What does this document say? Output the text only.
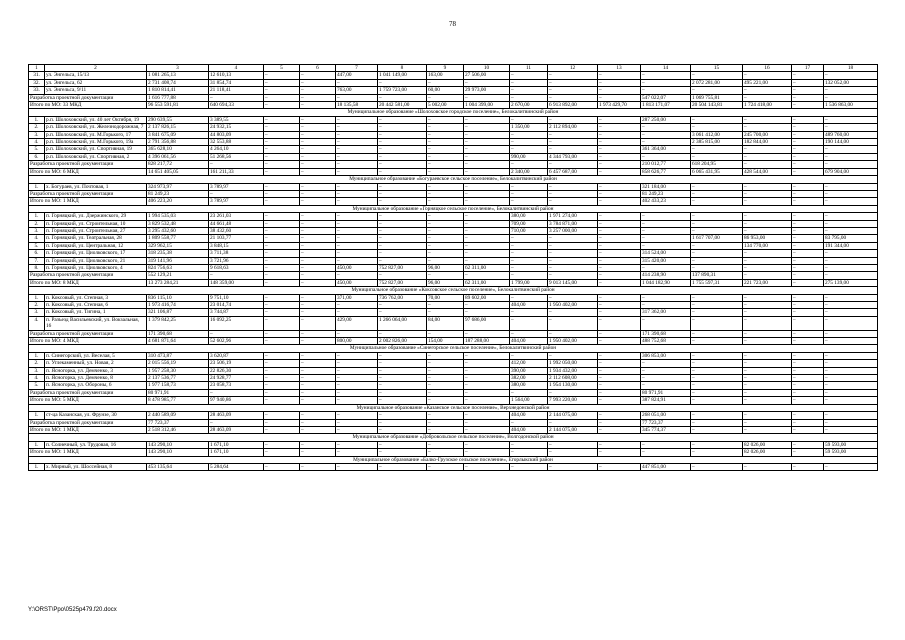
78
1	2	3	4	5	6	7	8	9	10	11	12	13	14	15	16	17	18
31.	ул. Энгельса, 15/13	1 081 265,13	12 610,13	–	–	447,00	1 041 149,00	163,00	27 506,00	–	–	–	–	–	–	–	–
32.	ул. Энгельса, 62	2 731 408,74	31 854,74	–	–	–	–	–	–	–	–	–	–	2 072 281,00	495 221,00	–	132 052,00
33.	ул. Энгельса, 9/11	1 810 814,41	21 118,41	–	–	763,00	1 759 723,00	60,00	29 973,00	–	–	–	–	–	–	–	–
Разработка проектной документации		1 616 777,88	–	–	–	–	–	–	–	–	–	–	547 022,07	1 069 755,81	–	–	–
Итого по МО: 33 МКД		96 553 591,81	640 694,33	–	–	18 135,58	20 442 581,00	5 002,00	1 004 399,00	2 670,00	6 913 892,00	1 973 429,70	1 813 171,07	20 504 143,81	1 724 418,00	–	1 536 863,00
Муниципальное образование «Шолоховское городское поселение», Белокалитвинский район																	
1.	р.п. Шолоховский, ул. 40 лет Октября, 19	290 639,55	3 389,55	–	–	–	–	–	–	–	–	–	287 250,00	–	–	–	–
2.	р.п. Шолоховский, ул. Железнодорожная, 7	2 137 826,15	24 932,15	–	–	–	–	–	–	1 350,00	2 112 894,00	–	–	–	–	–	–
3.	р.п. Шолоховский, ул. М.Горького, 17	3 841 675,09	44 803,09	–	–	–	–	–	–	–	–	–	–	3 061 412,00	245 700,00	–	489 760,00
4.	р.п. Шолоховский, ул. М.Горького, 19а	2 791 356,88	32 553,88	–	–	–	–	–	–	–	–	–	–	2 385 815,00	182 844,00	–	190 144,00
5.	р.п. Шолоховский, ул. Спортивная, 19	365 628,10	4 264,10	–	–	–	–	–	–	–	–	–	361 364,00	–	–	–	–
6.	р.п. Шолоховский, ул. Спортивная, 2	4 396 061,56	51 268,56	–	–	–	–	–	–	990,00	4 344 793,00	–	–	–	–	–	–
Разработка проектной документации		828 217,72	–	–	–	–	–	–	–	–	–	–	210 012,77	618 204,95	–	–	–
Итого по МО: 6 МКД		14 651 405,05	161 211,33	–	–	–	–	–	–	2 340,00	6 457 687,00	–	858 626,77	6 065 431,95	428 544,00	–	679 904,00
Муниципальное образование «Богураевское сельское поселение», Белокалитвинский район																	
1.	х. Богураев, ул. Почтовая, 1	324 973,97	3 789,97	–	–	–	–	–	–	–	–	–	321 184,00	–	–	–	–
Разработка проектной документации		81 249,23	–	–	–	–	–	–	–	–	–	–	81 249,23	–	–	–	–
Итого по МО: 1 МКД		406 223,20	3 789,97	–	–	–	–	–	–	–	–	–	402 433,23	–	–	–	–
Муниципальное образование «Горняцкое сельское поселение», Белокалитвинский район																	
1.	п. Горняцкий, ул. Дзержинского, 29	1 994 535,03	23 261,03	–	–	–	–	–	–	380,00	1 971 274,00	–	–	–	–	–	–
2.	п. Горняцкий, ул. Строительная, 10	3 829 532,48	44 661,48	–	–	–	–	–	–	709,00	3 784 871,00	–	–	–	–	–	–
3.	п. Горняцкий, ул. Строительная, 27	3 295 432,60	38 432,60	–	–	–	–	–	–	710,00	3 257 000,00	–	–	–	–	–	–
4.	п. Горняцкий, ул. Театральная, 28	1 809 558,77	21 103,77	–	–	–	–	–	–	–	–	–	–	1 617 707,00	86 953,00	–	83 795,00
5.	п. Горняцкий, ул. Центральная, 12	329 962,15	3 848,15	–	–	–	–	–	–	–	–	–	–	–	134 770,00	–	191 344,00
6.	п. Горняцкий, ул. Циолковского, 17	318 235,38	3 711,38	–	–	–	–	–	–	–	–	–	314 524,00	–	–	–	–
7.	п. Горняцкий, ул. Циолковского, 21	319 141,96	3 721,96	–	–	–	–	–	–	–	–	–	315 420,00	–	–	–	–
8.	п. Горняцкий, ул. Циолковского, 4	824 756,63	9 618,63	–	–	450,00	752 827,00	96,00	62 311,00	–	–	–	–	–	–	–	–
Разработка проектной документации		552 129,21	–	–	–	–	–	–	–	–	–	–	414 238,90	137 890,31	–	–	–
Итого по МО: 8 МКД		13 273 284,21	148 359,00	–	–	450,00	752 827,00	96,00	62 311,00	1 799,00	9 013 145,00	–	1 044 182,90	1 755 597,31	221 723,00	–	275 139,00
Муниципальное образование «Коксовское сельское поселение», Белокалитвинский район																	
1.	п. Коксовый, ул. Степная, 3	836 115,10	9 751,10	–	–	371,00	736 762,00	70,00	89 602,00	–	–	–	–	–	–	–	–
2.	п. Коксовый, ул. Степная, 6	1 973 416,74	23 014,74	–	–	–	–	–	–	404,00	1 950 402,00	–	–	–	–	–	–
3.	п. Коксовый, ул. Тигина, 1	321 106,87	3 744,87	–	–	–	–	–	–	–	–	–	317 362,00	–	–	–	–
4.	п. Разъезд Васильевский, ул. Вокзальная, 16	1 379 842,25	16 092,25	–	–	429,00	1 266 064,00	84,00	97 686,00	–	–	–	–	–	–	–	–
Разработка проектной документации		171 390,68	–	–	–	–	–	–	–	–	–	–	171 390,68	–	–	–	–
Итого по МО: 4 МКД		4 681 871,64	52 602,96	–	–	800,00	2 002 826,00	154,00	187 288,00	404,00	1 950 402,00	–	488 752,68	–	–	–	–
Муниципальное образование «Синегорское сельское поселение», Белокалитвинский район																	
1.	п. Синегорский, ул. Веселая, 5	310 473,87	3 620,87	–	–	–	–	–	–	–	–	–	306 853,00	–	–	–	–
2.	п. Углекаменный, ул. Новая, 2	2 015 556,19	23 506,19	–	–	–	–	–	–	412,00	1 992 050,00	–	–	–	–	–	–
3.	п. Ясногорка, ул. Демченко, 3	1 957 258,30	22 826,30	–	–	–	–	–	–	390,00	1 934 432,00	–	–	–	–	–	–
4.	п. Ясногорка, ул. Демченко, 8	2 137 536,77	24 928,77	–	–	–	–	–	–	382,00	2 112 608,00	–	–	–	–	–	–
5.	п. Ясногорка, ул. Обороны, 6	1 977 158,73	23 058,73	–	–	–	–	–	–	380,00	1 954 130,00	–	–	–	–	–	–
Разработка проектной документации		80 971,91	–	–	–	–	–	–	–	–	–	–	80 971,91	–	–	–	–
Итого по МО: 5 МКД		8 478 985,77	97 940,86	–	–	–	–	–	–	1 564,00	7 993 220,00	–	387 824,91	–	–	–	–
Муниципальное образование «Казанское сельское поселение», Верхнедонской район																	
1.	ст-ца Казанская, ул. Фрунзе, 30	2 440 589,09	28 463,09	–	–	–	–	–	–	404,00	2 144 075,00	–	268 051,00	–	–	–	–
Разработка проектной документации		77 723,37	–	–	–	–	–	–	–	–	–	–	77 723,37	–	–	–	–
Итого по МО: 1 МКД		2 518 312,46	28 463,09	–	–	–	–	–	–	404,00	2 144 075,00	–	345 774,37	–	–	–	–
Муниципальное образование «Добровольское сельское поселение», Волгодонской район																	
1.	п. Солнечный, ул. Трудовая, 16	143 290,10	1 671,10	–	–	–	–	–	–	–	–	–	–	–	82 026,00	–	59 593,00
Итого по МО: 1 МКД		143 290,10	1 671,10	–	–	–	–	–	–	–	–	–	–	–	82 026,00	–	59 593,00
Муниципальное образование «Балко-Грузское сельское поселение», Егорлыкский район																	
1.	х. Мирный, ул. Шоссейная, 8	453 135,64	5 284,64	–	–	–	–	–	–	–	–	–	447 851,00	–	–	–	–
Y:\ORST\Ppo\0525p479.f20.docx
